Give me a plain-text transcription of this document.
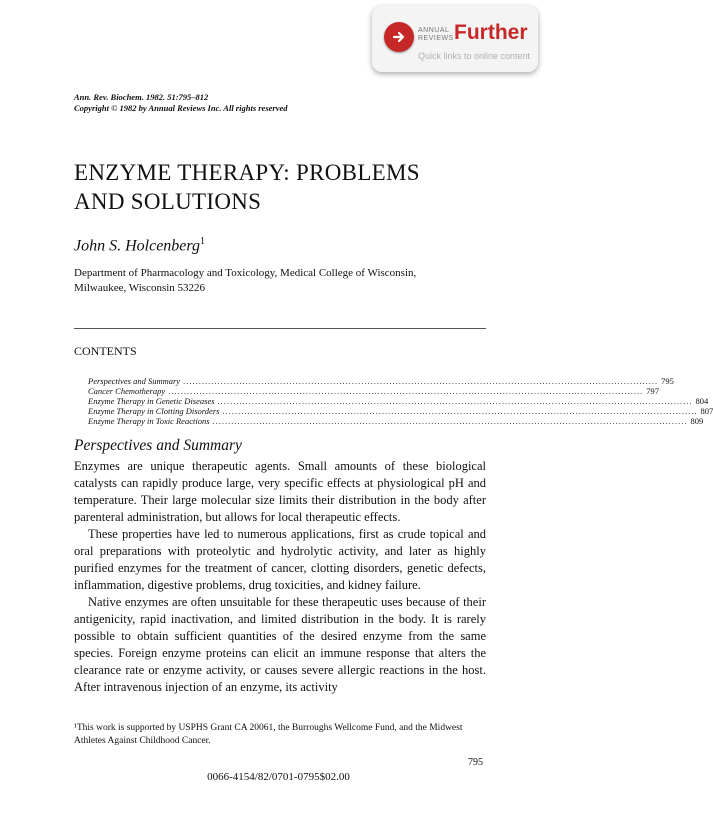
ANNUAL
REVIEWS Further
Quick links to online content
Ann. Rev. Biochem. 1982. 51:795–812
Copyright © 1982 by Annual Reviews Inc. All rights reserved
ENZYME THERAPY: PROBLEMS
AND SOLUTIONS
John S. Holcenberg$^1$
Department of Pharmacology and Toxicology, Medical College of Wisconsin,
Milwaukee, Wisconsin 53226
CONTENTS
Perspectives and Summary ........................................................................................................................................................ 795
Cancer Chemotherapy ........................................................................................................................................................ 797
Enzyme Therapy in Genetic Diseases ........................................................................................................................................................ 804
Enzyme Therapy in Clotting Disorders ........................................................................................................................................................ 807
Enzyme Therapy in Toxic Reactions ........................................................................................................................................................ 809
Perspectives and Summary

Enzymes are unique therapeutic agents. Small amounts of these biological catalysts can rapidly produce large, very specific effects at physiological pH and temperature. Their large molecular size limits their distribution in the body after parenteral administration, but allows for local therapeutic effects.

These properties have led to numerous applications, first as crude topical and oral preparations with proteolytic and hydrolytic activity, and later as highly purified enzymes for the treatment of cancer, clotting disorders, genetic defects, inflammation, digestive problems, drug toxicities, and kidney failure.

Native enzymes are often unsuitable for these therapeutic uses because of their antigenicity, rapid inactivation, and limited distribution in the body. It is rarely possible to obtain sufficient quantities of the desired enzyme from the same species. Foreign enzyme proteins can elicit an immune response that alters the clearance rate or enzyme activity, or causes severe allergic reactions in the host. After intravenous injection of an enzyme, its activity

¹This work is supported by USPHS Grant CA 20061, the Burroughs Wellcome Fund, and the Midwest Athletes Against Childhood Cancer.
795
0066-4154/82/0701-0795$02.00
